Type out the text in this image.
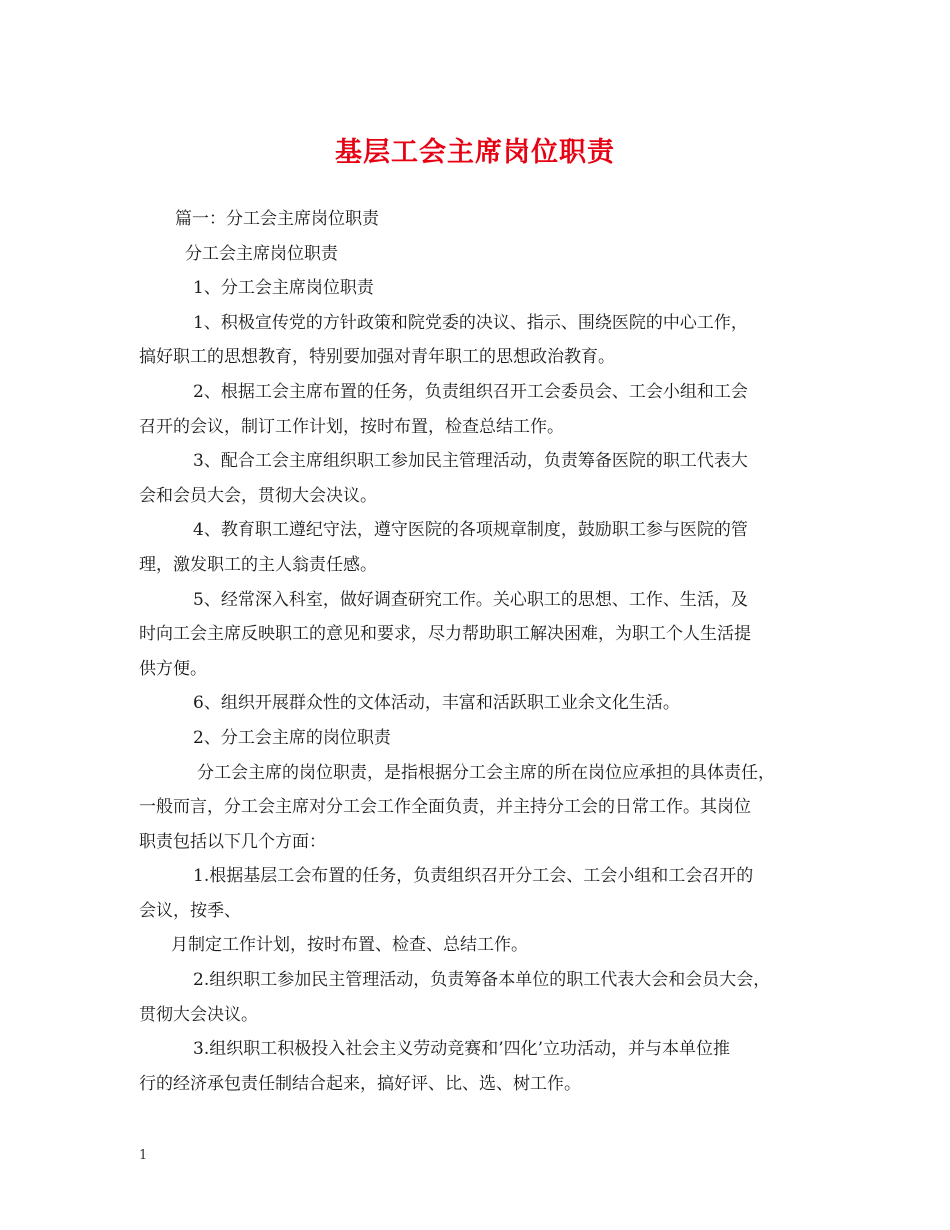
基层工会主席岗位职责
篇一：分工会主席岗位职责
分工会主席岗位职责
1、分工会主席岗位职责
1、积极宣传党的方针政策和院党委的决议、指示、围绕医院的中心工作，
搞好职工的思想教育，特别要加强对青年职工的思想政治教育。
2、根据工会主席布置的任务，负责组织召开工会委员会、工会小组和工会
召开的会议，制订工作计划，按时布置，检查总结工作。
3、配合工会主席组织职工参加民主管理活动，负责筹备医院的职工代表大
会和会员大会，贯彻大会决议。
4、教育职工遵纪守法，遵守医院的各项规章制度，鼓励职工参与医院的管
理，激发职工的主人翁责任感。
5、经常深入科室，做好调查研究工作。关心职工的思想、工作、生活，及
时向工会主席反映职工的意见和要求，尽力帮助职工解决困难，为职工个人生活提
供方便。
6、组织开展群众性的文体活动，丰富和活跃职工业余文化生活。
2、分工会主席的岗位职责
分工会主席的岗位职责，是指根据分工会主席的所在岗位应承担的具体责任，
一般而言，分工会主席对分工会工作全面负责，并主持分工会的日常工作。其岗位
职责包括以下几个方面：
1.根据基层工会布置的任务，负责组织召开分工会、工会小组和工会召开的
会议，按季、
月制定工作计划，按时布置、检查、总结工作。
2.组织职工参加民主管理活动，负责筹备本单位的职工代表大会和会员大会，
贯彻大会决议。
3.组织职工积极投入社会主义劳动竞赛和’四化’立功活动，并与本单位推
行的经济承包责任制结合起来，搞好评、比、选、树工作。
1
